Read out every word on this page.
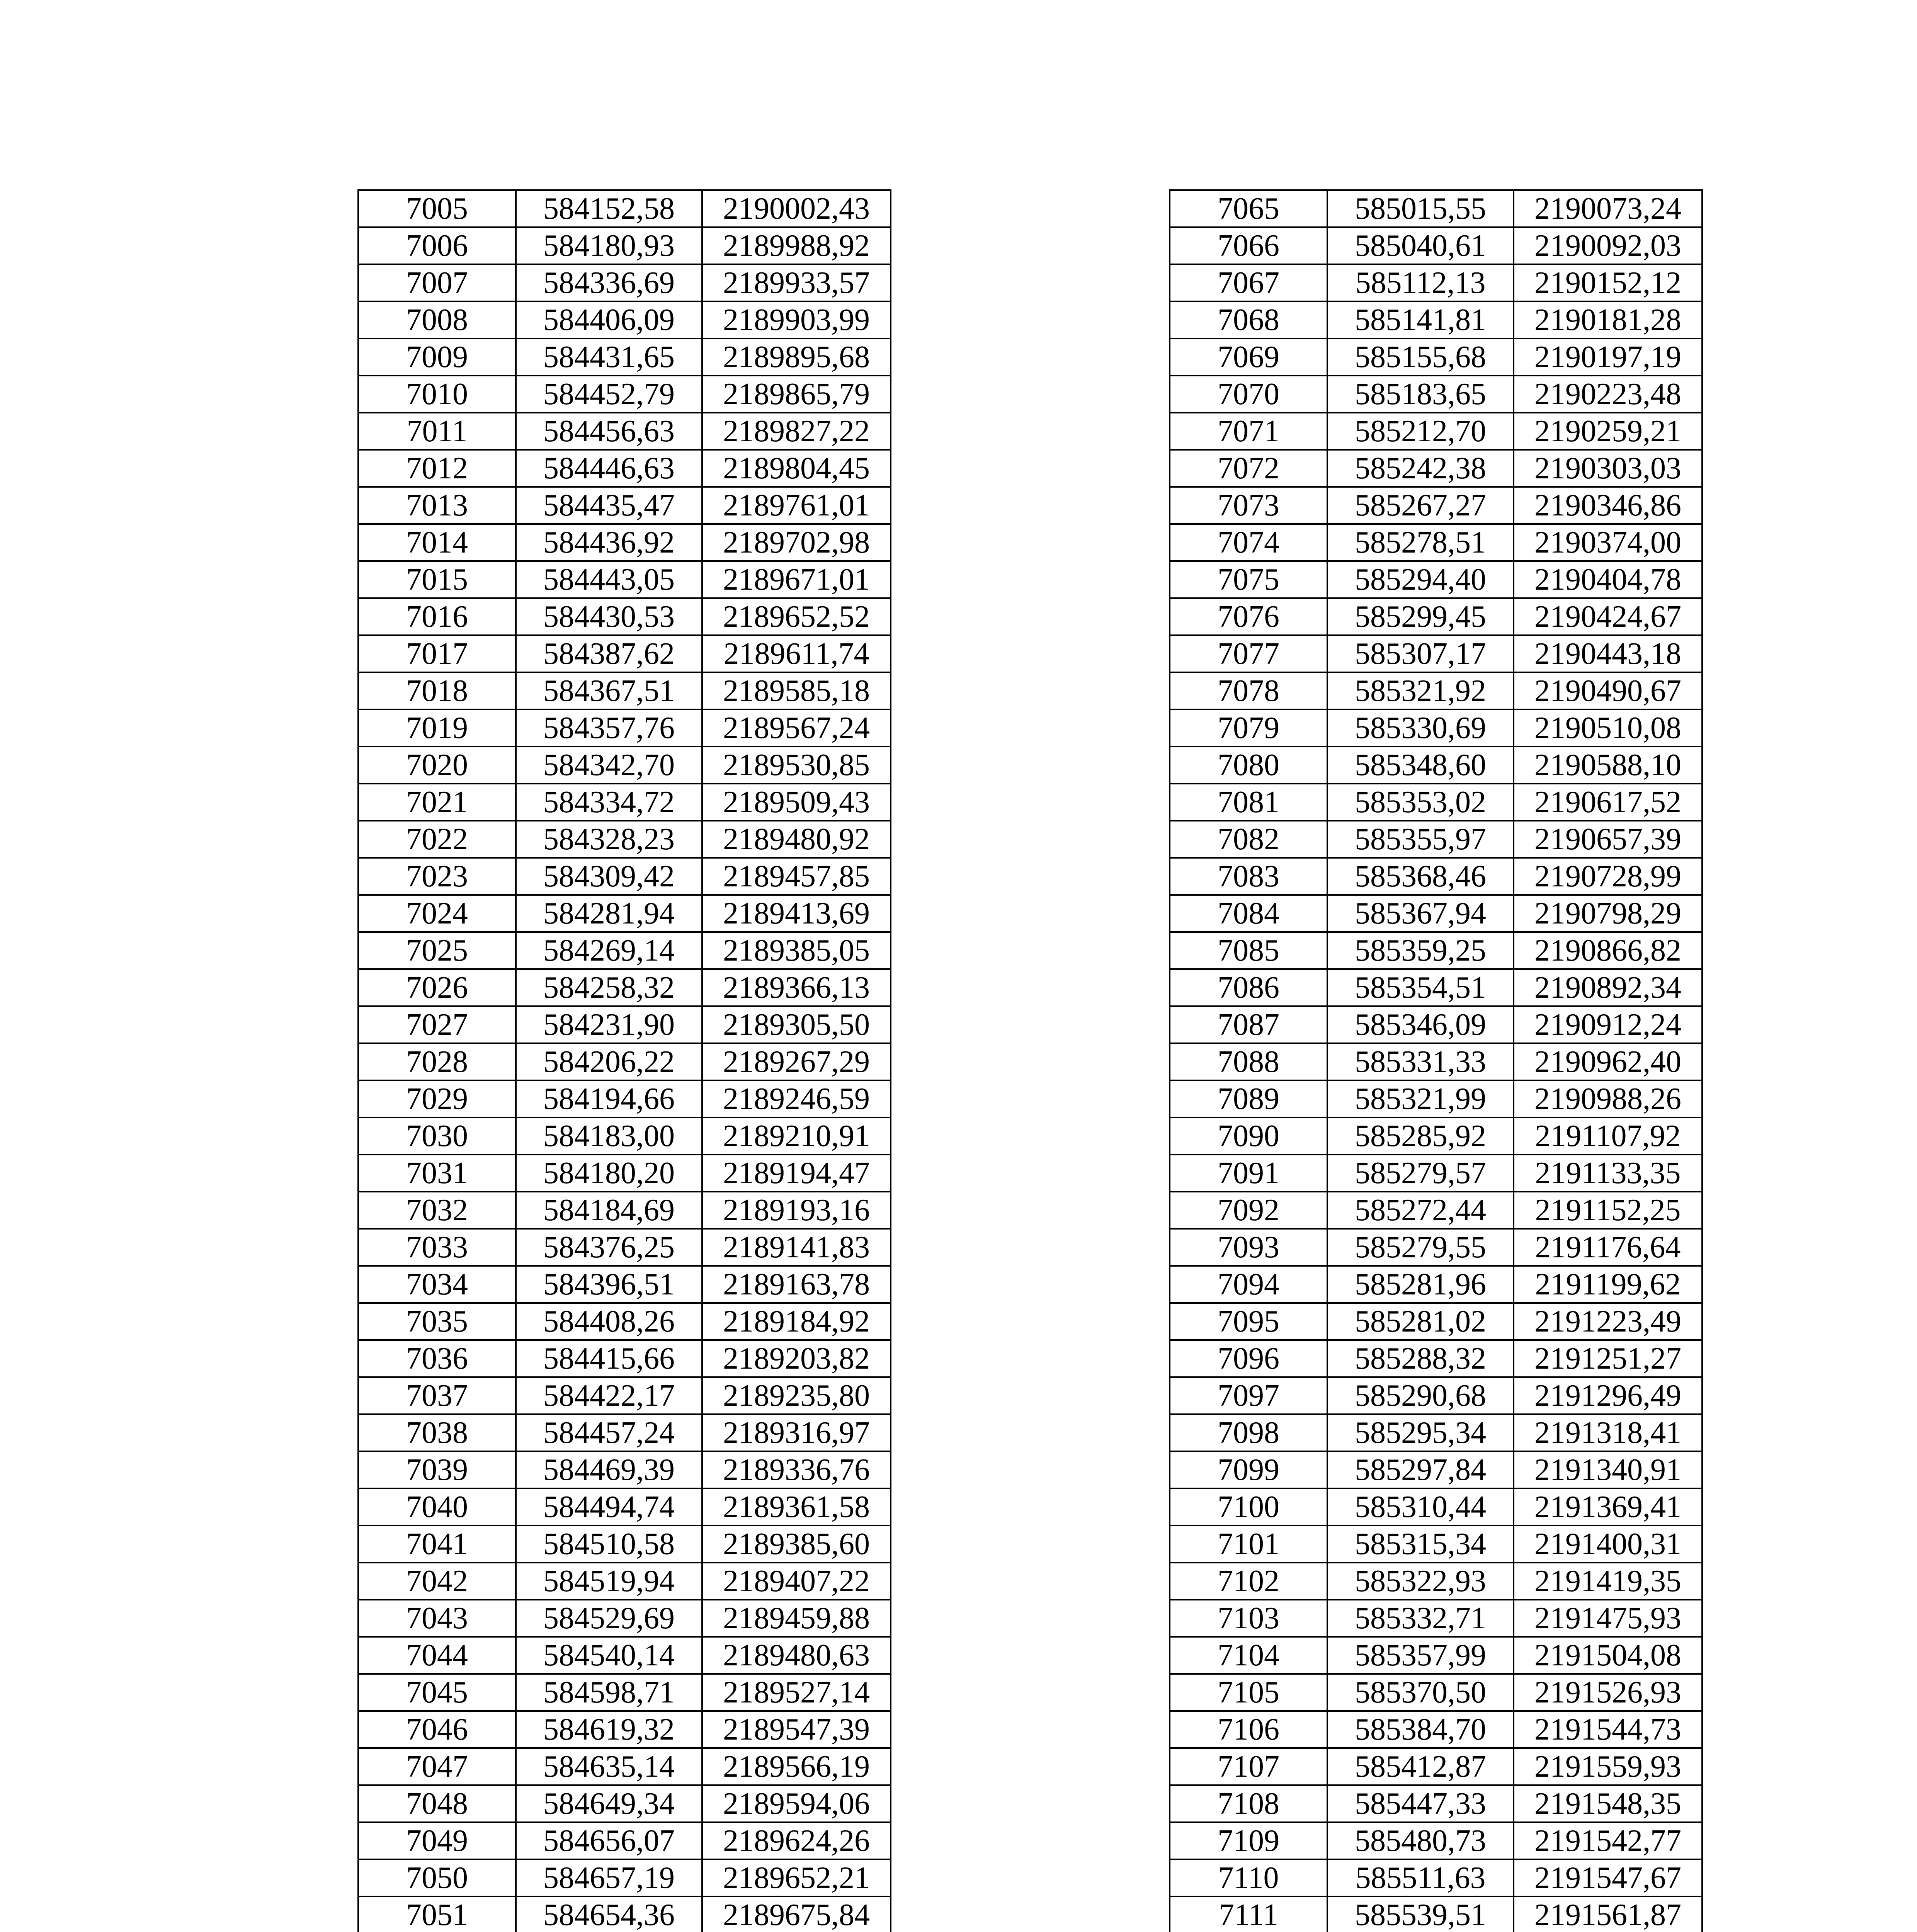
7005	584152,58	2190002,43
7006	584180,93	2189988,92
7007	584336,69	2189933,57
7008	584406,09	2189903,99
7009	584431,65	2189895,68
7010	584452,79	2189865,79
7011	584456,63	2189827,22
7012	584446,63	2189804,45
7013	584435,47	2189761,01
7014	584436,92	2189702,98
7015	584443,05	2189671,01
7016	584430,53	2189652,52
7017	584387,62	2189611,74
7018	584367,51	2189585,18
7019	584357,76	2189567,24
7020	584342,70	2189530,85
7021	584334,72	2189509,43
7022	584328,23	2189480,92
7023	584309,42	2189457,85
7024	584281,94	2189413,69
7025	584269,14	2189385,05
7026	584258,32	2189366,13
7027	584231,90	2189305,50
7028	584206,22	2189267,29
7029	584194,66	2189246,59
7030	584183,00	2189210,91
7031	584180,20	2189194,47
7032	584184,69	2189193,16
7033	584376,25	2189141,83
7034	584396,51	2189163,78
7035	584408,26	2189184,92
7036	584415,66	2189203,82
7037	584422,17	2189235,80
7038	584457,24	2189316,97
7039	584469,39	2189336,76
7040	584494,74	2189361,58
7041	584510,58	2189385,60
7042	584519,94	2189407,22
7043	584529,69	2189459,88
7044	584540,14	2189480,63
7045	584598,71	2189527,14
7046	584619,32	2189547,39
7047	584635,14	2189566,19
7048	584649,34	2189594,06
7049	584656,07	2189624,26
7050	584657,19	2189652,21
7051	584654,36	2189675,84

7065	585015,55	2190073,24
7066	585040,61	2190092,03
7067	585112,13	2190152,12
7068	585141,81	2190181,28
7069	585155,68	2190197,19
7070	585183,65	2190223,48
7071	585212,70	2190259,21
7072	585242,38	2190303,03
7073	585267,27	2190346,86
7074	585278,51	2190374,00
7075	585294,40	2190404,78
7076	585299,45	2190424,67
7077	585307,17	2190443,18
7078	585321,92	2190490,67
7079	585330,69	2190510,08
7080	585348,60	2190588,10
7081	585353,02	2190617,52
7082	585355,97	2190657,39
7083	585368,46	2190728,99
7084	585367,94	2190798,29
7085	585359,25	2190866,82
7086	585354,51	2190892,34
7087	585346,09	2190912,24
7088	585331,33	2190962,40
7089	585321,99	2190988,26
7090	585285,92	2191107,92
7091	585279,57	2191133,35
7092	585272,44	2191152,25
7093	585279,55	2191176,64
7094	585281,96	2191199,62
7095	585281,02	2191223,49
7096	585288,32	2191251,27
7097	585290,68	2191296,49
7098	585295,34	2191318,41
7099	585297,84	2191340,91
7100	585310,44	2191369,41
7101	585315,34	2191400,31
7102	585322,93	2191419,35
7103	585332,71	2191475,93
7104	585357,99	2191504,08
7105	585370,50	2191526,93
7106	585384,70	2191544,73
7107	585412,87	2191559,93
7108	585447,33	2191548,35
7109	585480,73	2191542,77
7110	585511,63	2191547,67
7111	585539,51	2191561,87
